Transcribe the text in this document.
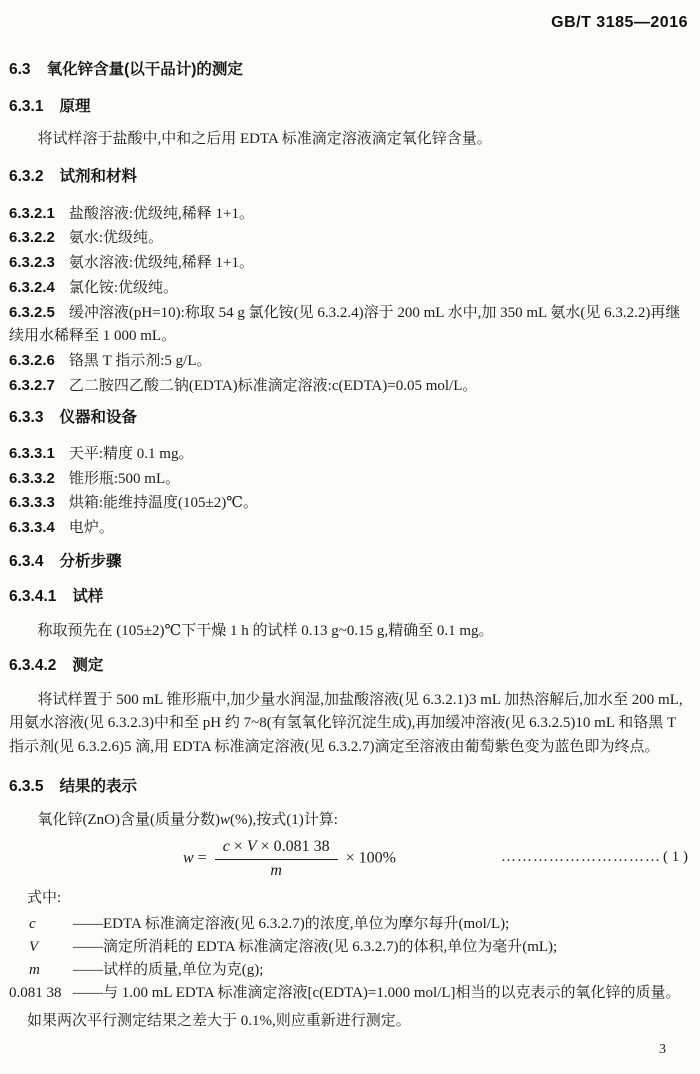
GB/T 3185—2016
6.3 氧化锌含量(以干品计)的测定
6.3.1 原理

将试样溶于盐酸中,中和之后用 EDTA 标准滴定溶液滴定氧化锌含量。

6.3.2 试剂和材料
6.3.2.1 盐酸溶液:优级纯,稀释 1+1。
6.3.2.2 氨水:优级纯。
6.3.2.3 氨水溶液:优级纯,稀释 1+1。
6.3.2.4 氯化铵:优级纯。
6.3.2.5 缓冲溶液(pH=10):称取 54 g 氯化铵(见 6.3.2.4)溶于 200 mL 水中,加 350 mL 氨水(见 6.3.2.2)再继续用水稀释至 1 000 mL。
6.3.2.6 铬黑 T 指示剂:5 g/L。
6.3.2.7 乙二胺四乙酸二钠(EDTA)标准滴定溶液:c(EDTA)=0.05 mol/L。
6.3.3 仪器和设备
6.3.3.1 天平:精度 0.1 mg。
6.3.3.2 锥形瓶:500 mL。
6.3.3.3 烘箱:能维持温度(105±2)℃。
6.3.3.4 电炉。
6.3.4 分析步骤
6.3.4.1 试样

称取预先在 (105±2)℃下干燥 1 h 的试样 0.13 g~0.15 g,精确至 0.1 mg。

6.3.4.2 测定

将试样置于 500 mL 锥形瓶中,加少量水润湿,加盐酸溶液(见 6.3.2.1)3 mL 加热溶解后,加水至 200 mL,用氨水溶液(见 6.3.2.3)中和至 pH 约 7~8(有氢氧化锌沉淀生成),再加缓冲溶液(见 6.3.2.5)10 mL 和铬黑 T 指示剂(见 6.3.2.6)5 滴,用 EDTA 标准滴定溶液(见 6.3.2.7)滴定至溶液由葡萄紫色变为蓝色即为终点。

6.3.5 结果的表示

氧化锌(ZnO)含量(质量分数)w(%),按式(1)计算:

$w = \frac{c \times V \times 0.081 38}{m} \times 100\%$	………………………… ( 1 )
式中:
c	——EDTA 标准滴定溶液(见 6.3.2.7)的浓度,单位为摩尔每升(mol/L);
V	——滴定所消耗的 EDTA 标准滴定溶液(见 6.3.2.7)的体积,单位为毫升(mL);
m	——试样的质量,单位为克(g);
0.081 38 ——与 1.00 mL EDTA 标准滴定溶液[c(EDTA)=1.000 mol/L]相当的以克表示的氧化锌的质量。

如果两次平行测定结果之差大于 0.1%,则应重新进行测定。

3
